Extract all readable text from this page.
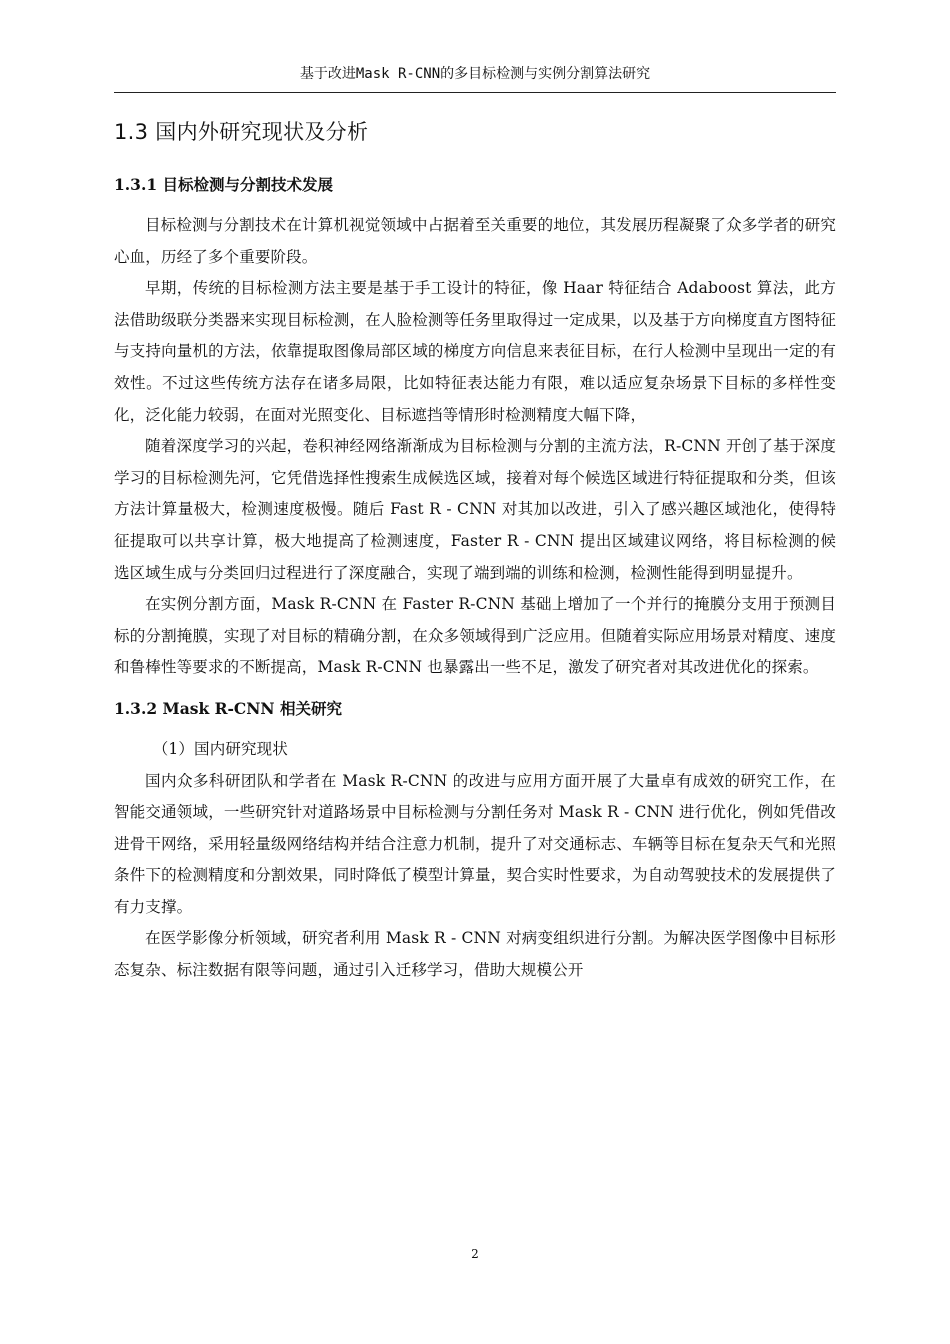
基于改进Mask R-CNN的多目标检测与实例分割算法研究
1.3 国内外研究现状及分析
1.3.1 目标检测与分割技术发展

目标检测与分割技术在计算机视觉领域中占据着至关重要的地位，其发展历程凝聚了众多学者的研究心血，历经了多个重要阶段。

早期，传统的目标检测方法主要是基于手工设计的特征，像 Haar 特征结合 Adaboost 算法，此方法借助级联分类器来实现目标检测，在人脸检测等任务里取得过一定成果，以及基于方向梯度直方图特征与支持向量机的方法，依靠提取图像局部区域的梯度方向信息来表征目标，在行人检测中呈现出一定的有效性。不过这些传统方法存在诸多局限，比如特征表达能力有限，难以适应复杂场景下目标的多样性变化，泛化能力较弱，在面对光照变化、目标遮挡等情形时检测精度大幅下降，

随着深度学习的兴起，卷积神经网络渐渐成为目标检测与分割的主流方法，R-CNN 开创了基于深度学习的目标检测先河，它凭借选择性搜索生成候选区域，接着对每个候选区域进行特征提取和分类，但该方法计算量极大，检测速度极慢。随后 Fast R - CNN 对其加以改进，引入了感兴趣区域池化，使得特征提取可以共享计算，极大地提高了检测速度，Faster R - CNN 提出区域建议网络，将目标检测的候选区域生成与分类回归过程进行了深度融合，实现了端到端的训练和检测，检测性能得到明显提升。

在实例分割方面，Mask R-CNN 在 Faster R-CNN 基础上增加了一个并行的掩膜分支用于预测目标的分割掩膜，实现了对目标的精确分割，在众多领域得到广泛应用。但随着实际应用场景对精度、速度和鲁棒性等要求的不断提高，Mask R-CNN 也暴露出一些不足，激发了研究者对其改进优化的探索。

1.3.2 Mask R-CNN 相关研究

（1）国内研究现状

国内众多科研团队和学者在 Mask R-CNN 的改进与应用方面开展了大量卓有成效的研究工作，在智能交通领域，一些研究针对道路场景中目标检测与分割任务对 Mask R - CNN 进行优化，例如凭借改进骨干网络，采用轻量级网络结构并结合注意力机制，提升了对交通标志、车辆等目标在复杂天气和光照条件下的检测精度和分割效果，同时降低了模型计算量，契合实时性要求，为自动驾驶技术的发展提供了有力支撑。

在医学影像分析领域，研究者利用 Mask R - CNN 对病变组织进行分割。为解决医学图像中目标形态复杂、标注数据有限等问题，通过引入迁移学习，借助大规模公开

2
